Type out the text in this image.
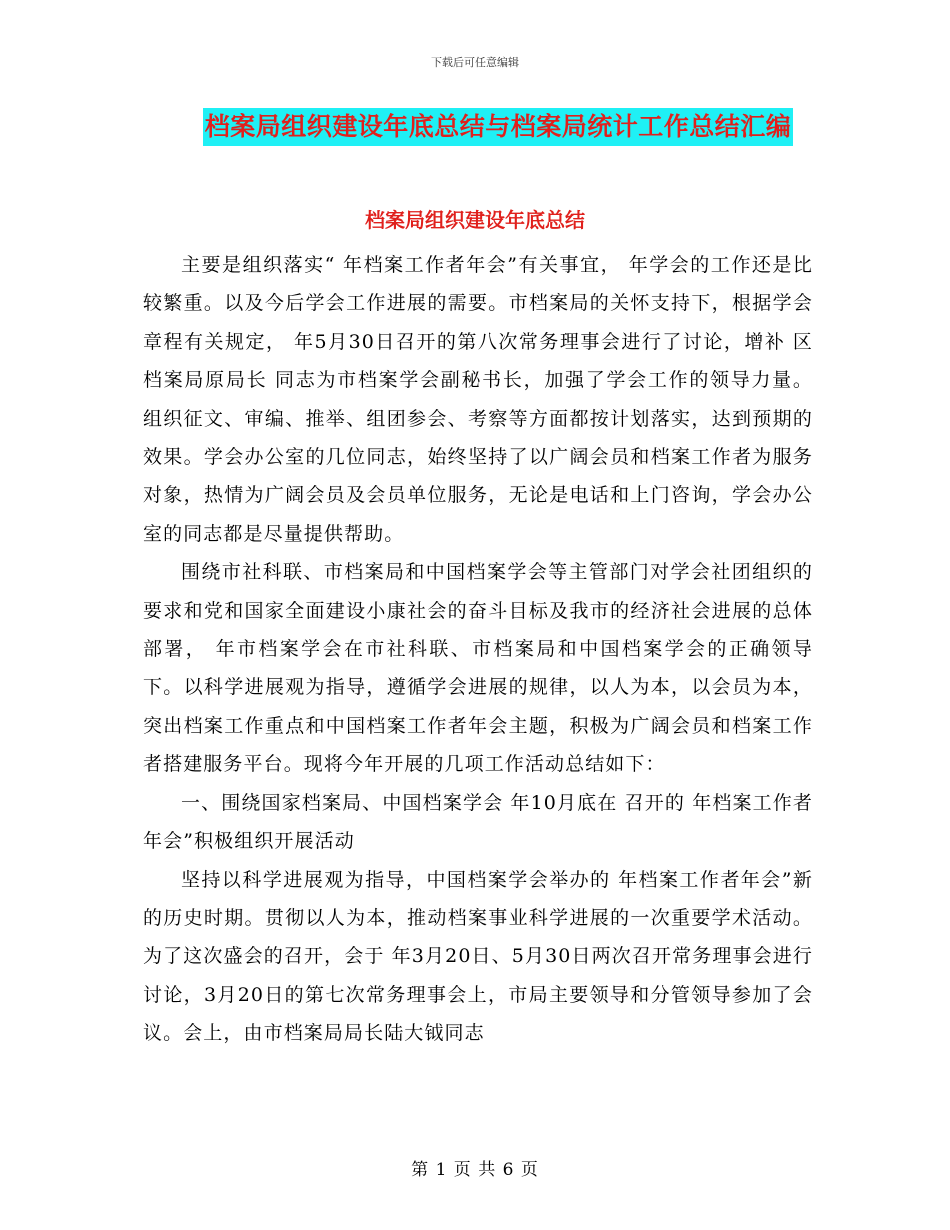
下载后可任意编辑
档案局组织建设年底总结与档案局统计工作总结汇编
档案局组织建设年底总结

主要是组织落实“ 年档案工作者年会”有关事宜， 年学会的工作还是比较繁重。以及今后学会工作进展的需要。市档案局的关怀支持下，根据学会章程有关规定， 年5月30日召开的第八次常务理事会进行了讨论，增补 区档案局原局长 同志为市档案学会副秘书长，加强了学会工作的领导力量。组织征文、审编、推举、组团参会、考察等方面都按计划落实，达到预期的效果。学会办公室的几位同志，始终坚持了以广阔会员和档案工作者为服务对象，热情为广阔会员及会员单位服务，无论是电话和上门咨询，学会办公室的同志都是尽量提供帮助。

围绕市社科联、市档案局和中国档案学会等主管部门对学会社团组织的要求和党和国家全面建设小康社会的奋斗目标及我市的经济社会进展的总体部署， 年市档案学会在市社科联、市档案局和中国档案学会的正确领导下。以科学进展观为指导，遵循学会进展的规律，以人为本，以会员为本，突出档案工作重点和中国档案工作者年会主题，积极为广阔会员和档案工作者搭建服务平台。现将今年开展的几项工作活动总结如下：

一、围绕国家档案局、中国档案学会 年10月底在 召开的 年档案工作者年会”积极组织开展活动

坚持以科学进展观为指导，中国档案学会举办的 年档案工作者年会”新的历史时期。贯彻以人为本，推动档案事业科学进展的一次重要学术活动。为了这次盛会的召开，会于 年3月20日、5月30日两次召开常务理事会进行讨论，3月20日的第七次常务理事会上，市局主要领导和分管领导参加了会议。会上，由市档案局局长陆大钺同志

第 1 页 共 6 页
